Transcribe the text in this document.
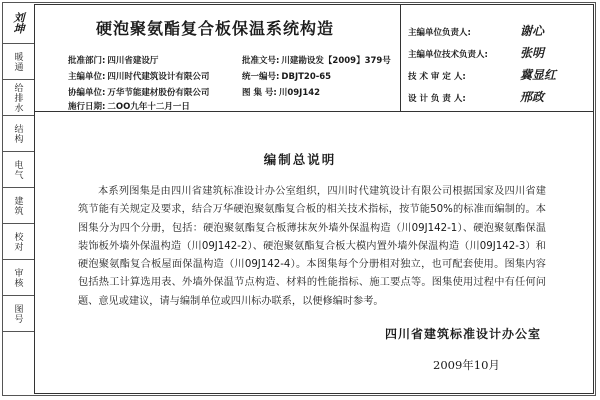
刘坤
暖通
给排水
结构
电气
建筑
校对
审核
图号
硬泡聚氨酯复合板保温系统构造
批准部门: 四川省建设厅
主编单位: 四川时代建筑设计有限公司
协编单位: 万华节能建材股份有限公司
施行日期: 二OO九年十二月一日
批准文号: 川建勘设发【2009】379号
统一编号: DBJT20-65
图 集 号: 川09J142
主编单位负责人:	谢心
主编单位技术负责人:	张明
技 术 审 定 人:	冀显红
设 计 负 责 人:	邢政
编制总说明
本系列图集是由四川省建筑标准设计办公室组织，四川时代建筑设计有限公司根据国家及四川省建筑节能有关规定及要求，结合万华硬泡聚氨酯复合板的相关技术指标，按节能50%的标准而编制的。本图集分为四个分册，包括：硬泡聚氨酯复合板薄抹灰外墙外保温构造（川09J142-1）、硬泡聚氨酯保温装饰板外墙外保温构造（川09J142-2）、硬泡聚氨酯复合板大模内置外墙外保温构造（川09J142-3）和硬泡聚氨酯复合板屋面保温构造（川09J142-4）。本图集每个分册相对独立，也可配套使用。图集内容包括热工计算选用表、外墙外保温节点构造、材料的性能指标、施工要点等。图集使用过程中有任何问题、意见或建议，请与编制单位或四川标办联系，以便修编时参考。
四川省建筑标准设计办公室
2009年10月
